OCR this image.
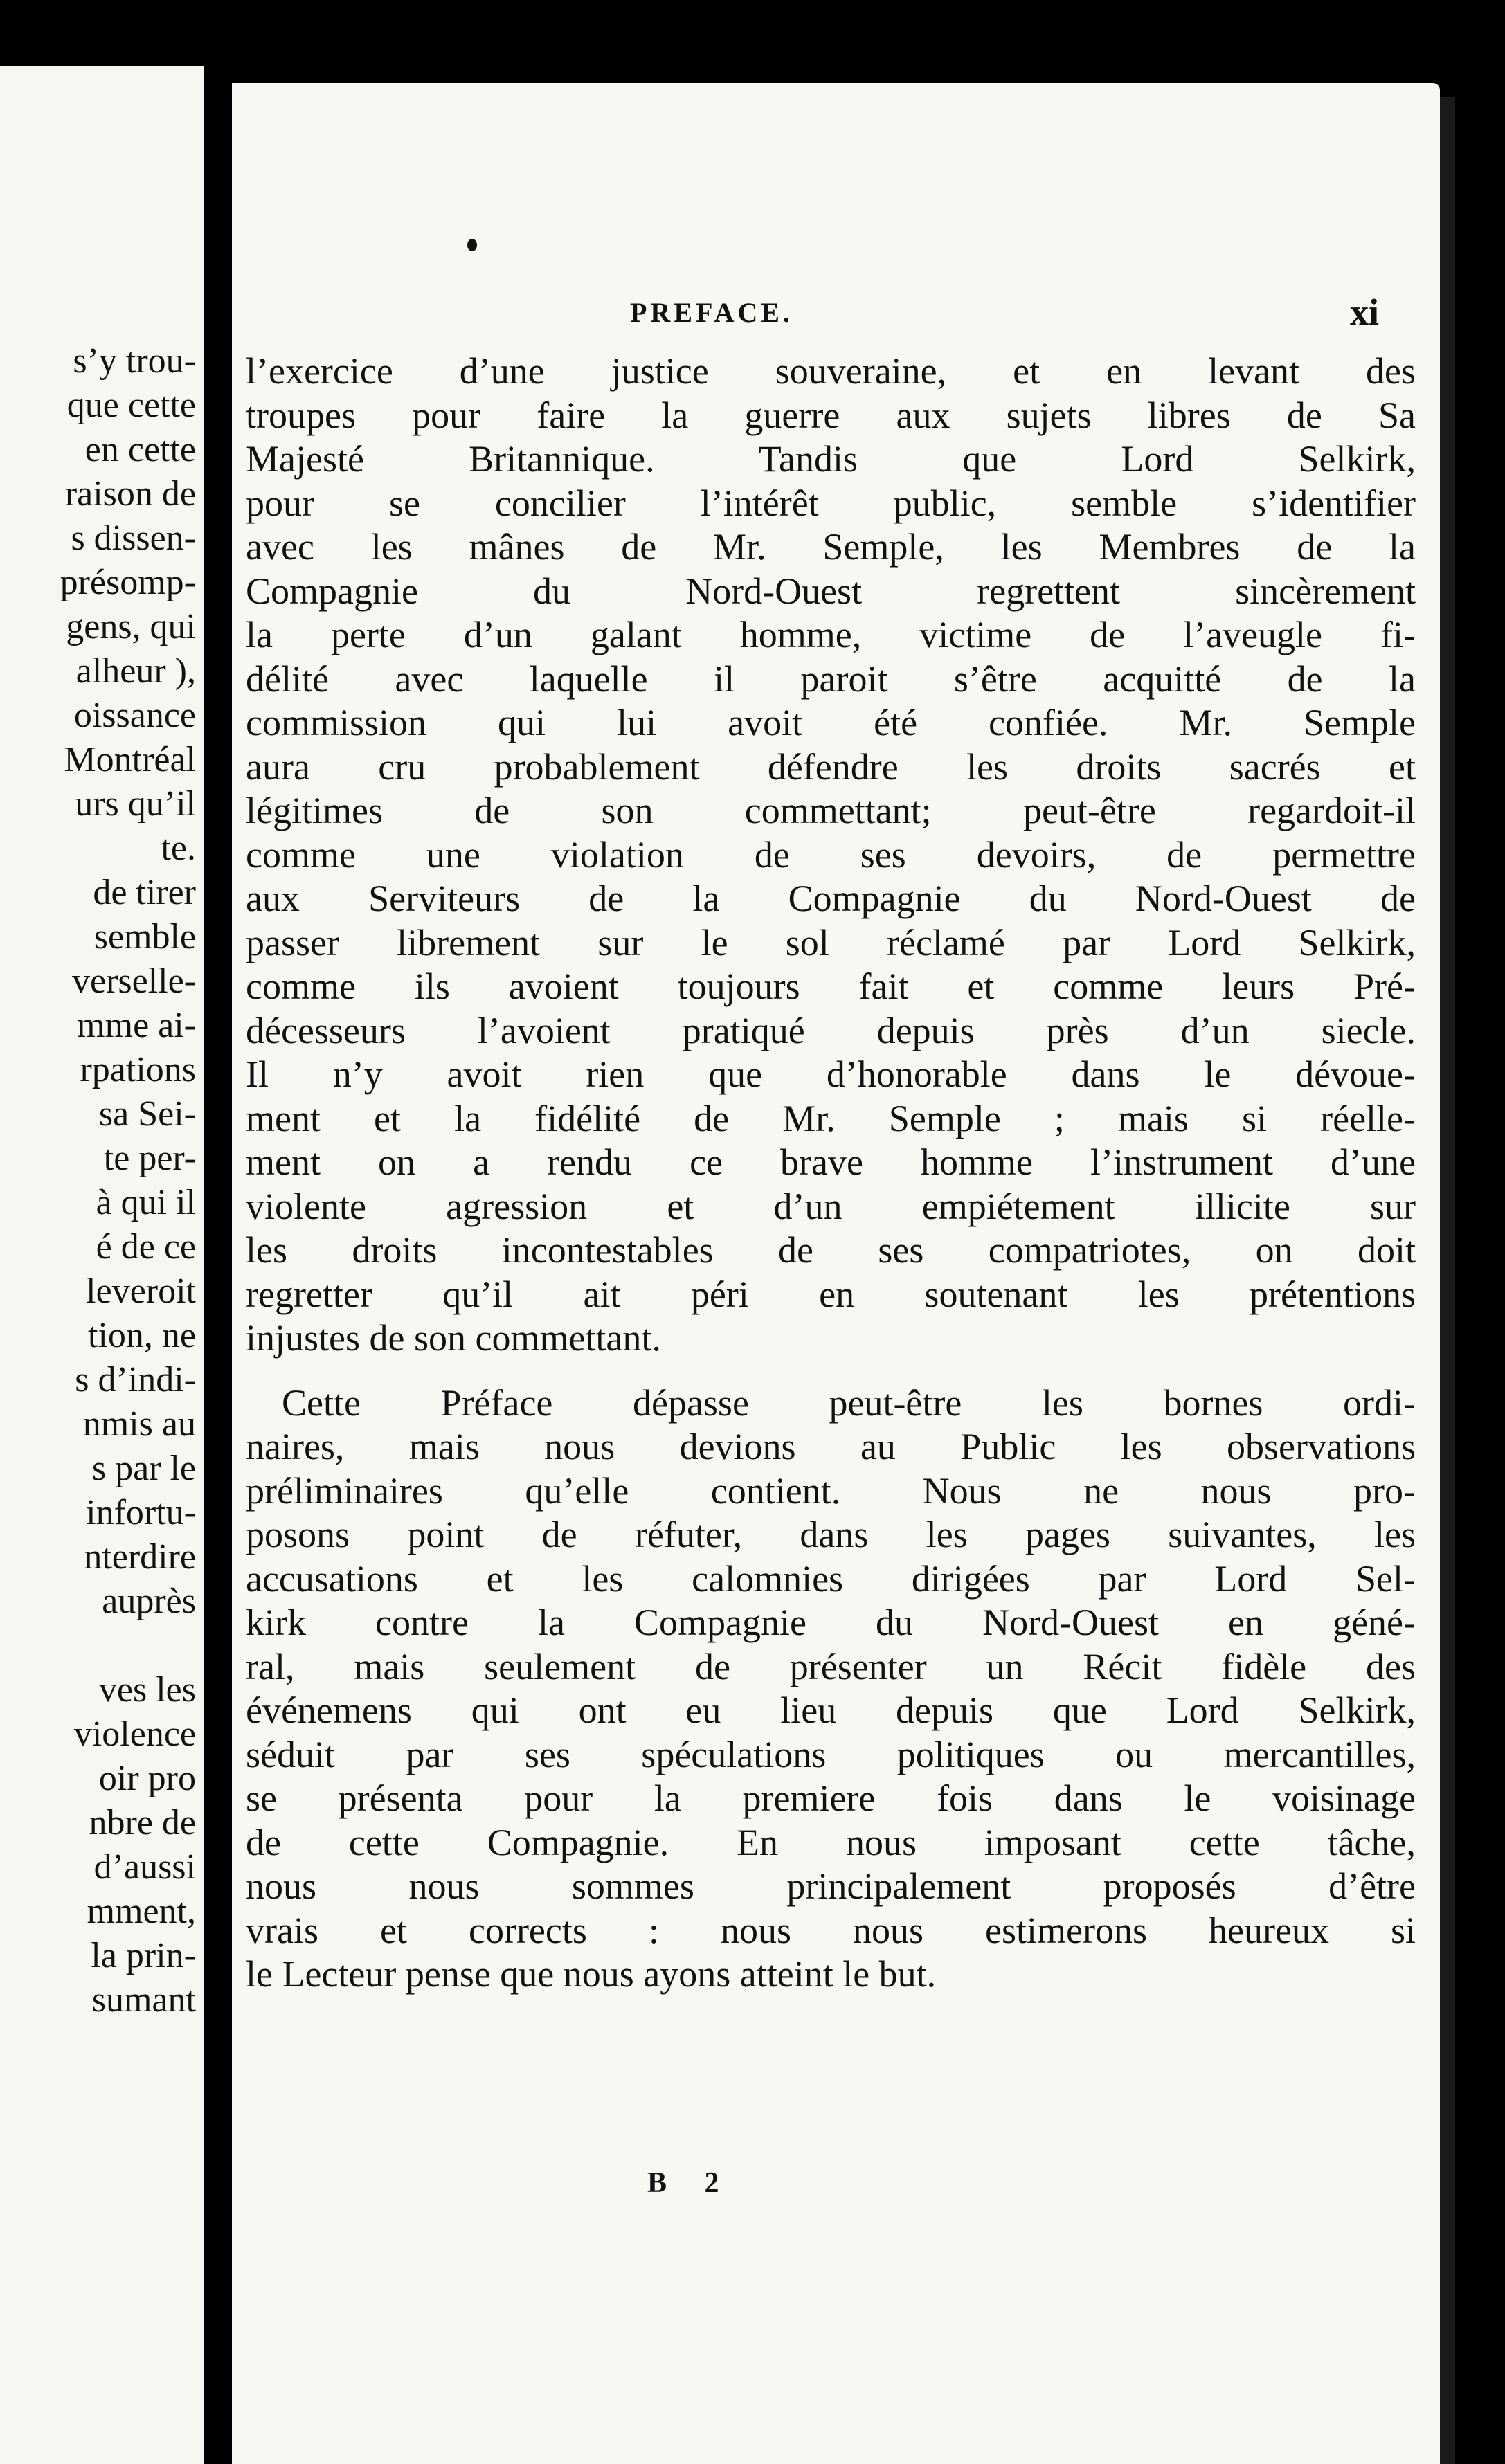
s’y trou-
que cette
en cette
raison de
s dissen-
présomp-
gens, qui
alheur ),
oissance
Montréal
urs qu’il
te.
de tirer
semble
verselle-
mme ai-
rpations
sa Sei-
te per-
à qui il
é de ce
leveroit
tion, ne
s d’indi-
nmis au
s par le
infortu-
nterdire
auprès
ves les
violence
oir pro
nbre de
d’aussi
mment,
la prin-
sumant
PREFACE.	xi
l’exercice d’une justice souveraine, et en levant des
troupes pour faire la guerre aux sujets libres de Sa
Majesté Britannique. Tandis que Lord Selkirk,
pour se concilier l’intérêt public, semble s’identifier
avec les mânes de Mr. Semple, les Membres de la
Compagnie du Nord-Ouest regrettent sincèrement
la perte d’un galant homme, victime de l’aveugle fi-
délité avec laquelle il paroit s’être acquitté de la
commission qui lui avoit été confiée. Mr. Semple
aura cru probablement défendre les droits sacrés et
légitimes de son commettant; peut-être regardoit-il
comme une violation de ses devoirs, de permettre
aux Serviteurs de la Compagnie du Nord-Ouest de
passer librement sur le sol réclamé par Lord Selkirk,
comme ils avoient toujours fait et comme leurs Pré-
décesseurs l’avoient pratiqué depuis près d’un siecle.
Il n’y avoit rien que d’honorable dans le dévoue-
ment et la fidélité de Mr. Semple ; mais si réelle-
ment on a rendu ce brave homme l’instrument d’une
violente agression et d’un empiétement illicite sur
les droits incontestables de ses compatriotes, on doit
regretter qu’il ait péri en soutenant les prétentions
injustes de son commettant.
Cette Préface dépasse peut-être les bornes ordi-
naires, mais nous devions au Public les observations
préliminaires qu’elle contient. Nous ne nous pro-
posons point de réfuter, dans les pages suivantes, les
accusations et les calomnies dirigées par Lord Sel-
kirk contre la Compagnie du Nord-Ouest en géné-
ral, mais seulement de présenter un Récit fidèle des
événemens qui ont eu lieu depuis que Lord Selkirk,
séduit par ses spéculations politiques ou mercantilles,
se présenta pour la premiere fois dans le voisinage
de cette Compagnie. En nous imposant cette tâche,
nous nous sommes principalement proposés d’être
vrais et corrects : nous nous estimerons heureux si
le Lecteur pense que nous ayons atteint le but.
B 2
